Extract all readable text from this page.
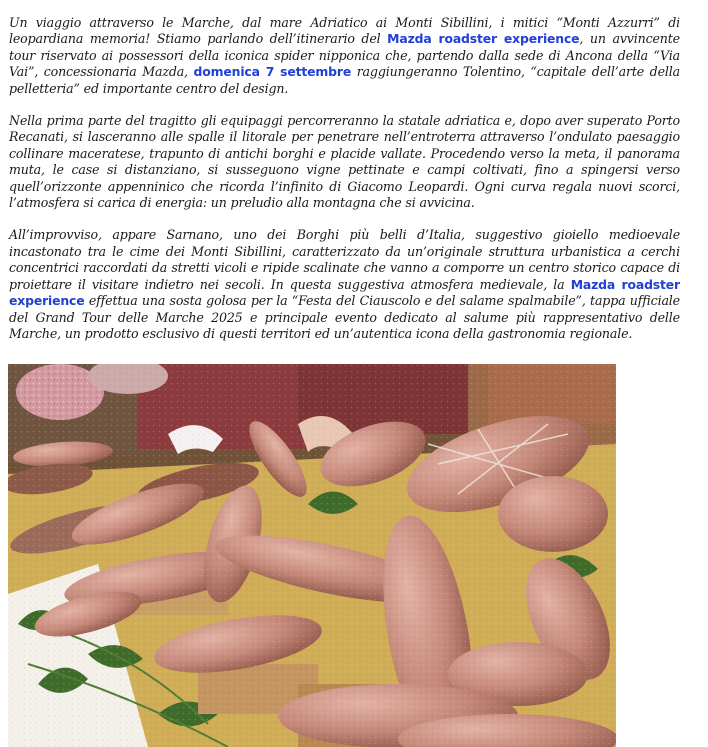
Un viaggio attraverso le Marche, dal mare Adriatico ai Monti Sibillini, i mitici “Monti Azzurri” di leopardiana memoria! Stiamo parlando dell’itinerario del Mazda roadster experience, un avvincente tour riservato ai possessori della iconica spider nipponica che, partendo dalla sede di Ancona della “Via Vai”, concessionaria Mazda, domenica 7 settembre raggiungeranno Tolentino, “capitale dell’arte della pelletteria” ed importante centro del design.

Nella prima parte del tragitto gli equipaggi percorreranno la statale adriatica e, dopo aver superato Porto Recanati, si lasceranno alle spalle il litorale per penetrare nell’entroterra attraverso l’ondulato paesaggio collinare maceratese, trapunto di antichi borghi e placide vallate. Procedendo verso la meta, il panorama muta, le case si distanziano, si susseguono vigne pettinate e campi coltivati, fino a spingersi verso quell’orizzonte appenninico che ricorda l’infinito di Giacomo Leopardi. Ogni curva regala nuovi scorci, l’atmosfera si carica di energia: un preludio alla montagna che si avvicina.

All’improvviso, appare Sarnano, uno dei Borghi più belli d’Italia, suggestivo gioiello medioevale incastonato tra le cime dei Monti Sibillini, caratterizzato da un’originale struttura urbanistica a cerchi concentrici raccordati da stretti vicoli e ripide scalinate che vanno a comporre un centro storico capace di proiettare il visitare indietro nei secoli. In questa suggestiva atmosfera medievale, la Mazda roadster experience effettua una sosta golosa per la “Festa del Ciauscolo e del salame spalmabile”, tappa ufficiale del Grand Tour delle Marche 2025 e principale evento dedicato al salume più rappresentativo delle Marche, un prodotto esclusivo di questi territori ed un’autentica icona della gastronomia regionale.
